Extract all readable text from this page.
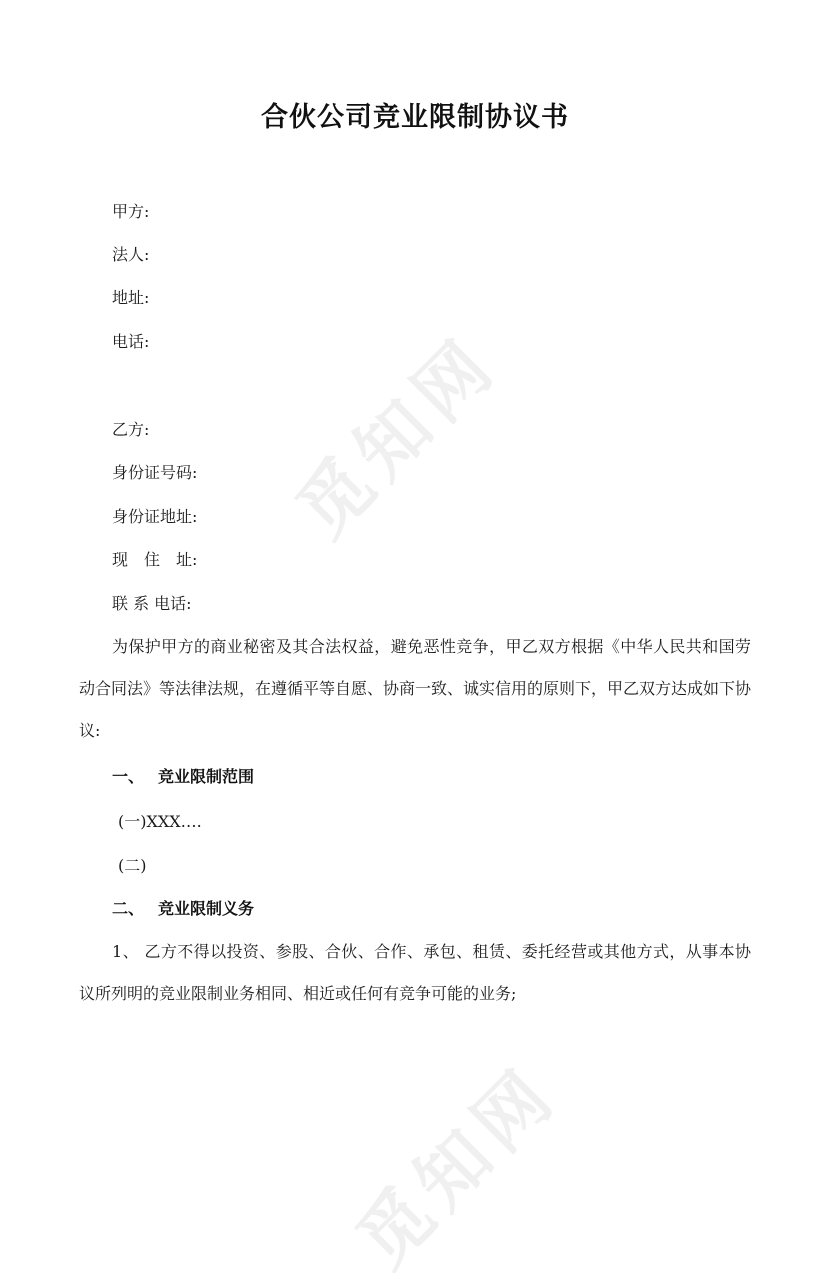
觅知网
觅知网
合伙公司竞业限制协议书
甲方:
法人:
地址:
电话:
乙方:
身份证号码:
身份证地址:
现　住　址:
联 系 电话:
为保护甲方的商业秘密及其合法权益，避免恶性竞争，甲乙双方根据《中华人民共和国劳动合同法》等法律法规，在遵循平等自愿、协商一致、诚实信用的原则下，甲乙双方达成如下协议:
一、 竞业限制范围
(一)XXX….
(二)
二、 竞业限制义务
1、 乙方不得以投资、参股、合伙、合作、承包、租赁、委托经营或其他方式，从事本协议所列明的竞业限制业务相同、相近或任何有竞争可能的业务;
